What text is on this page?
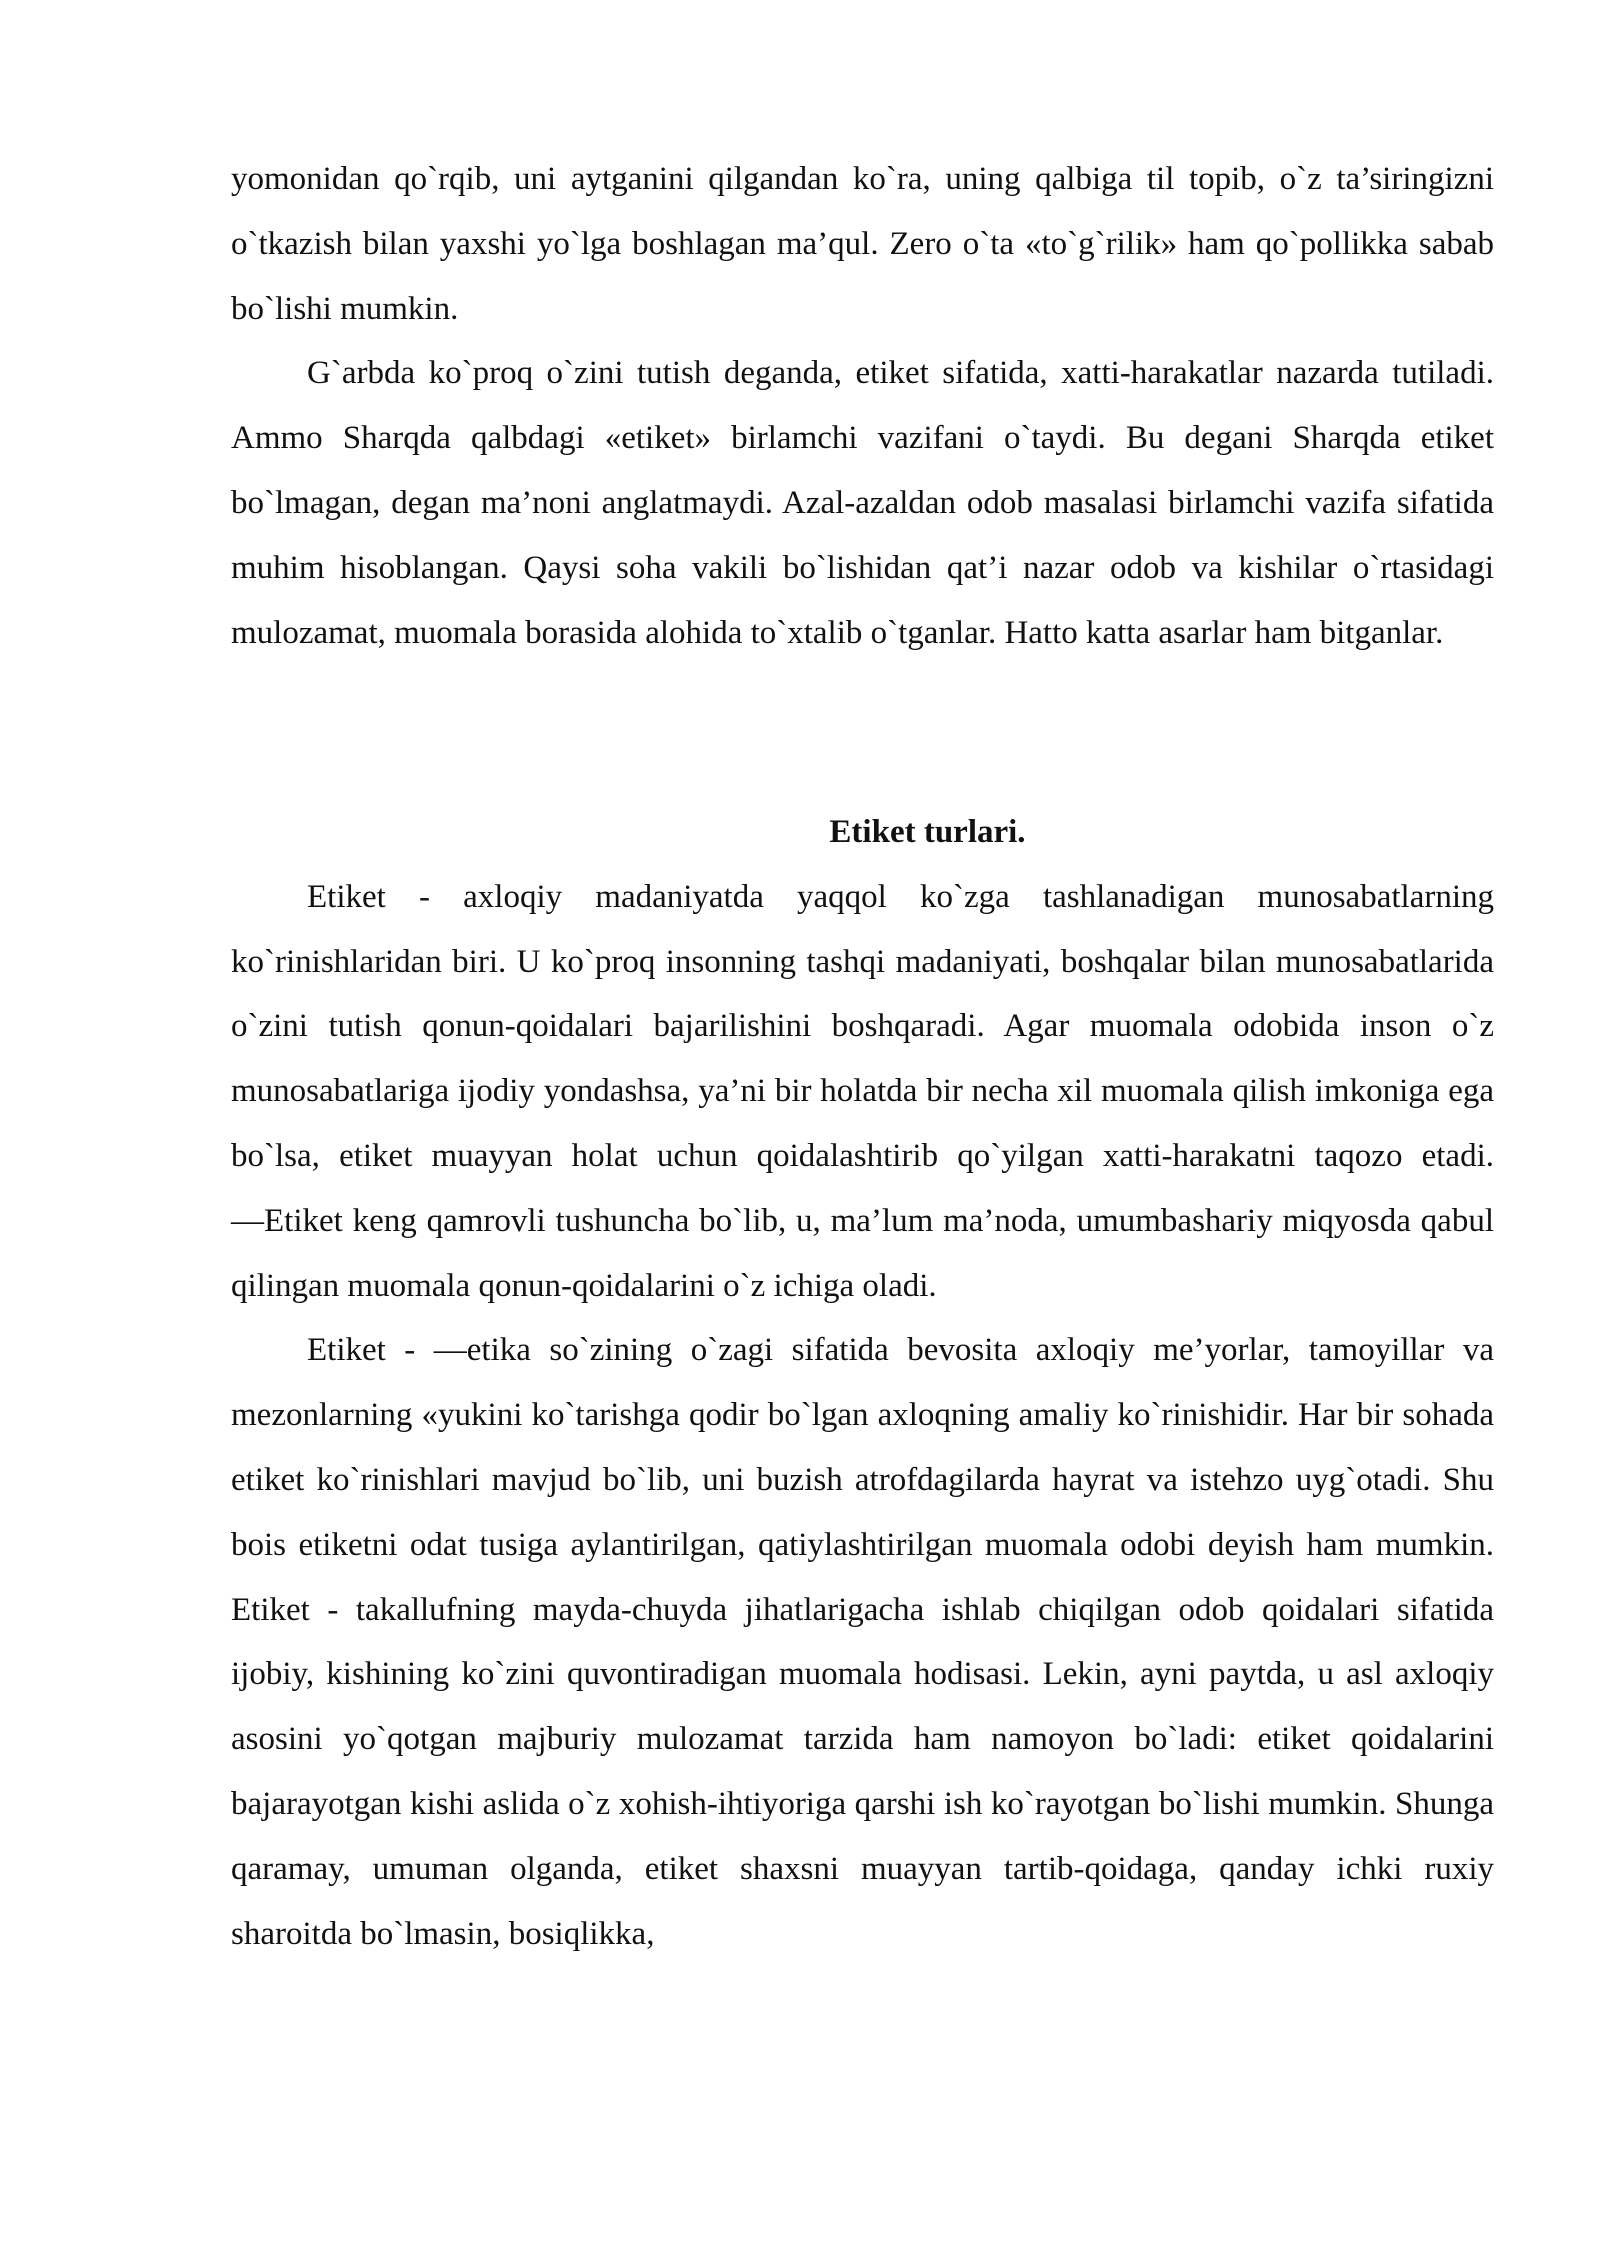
yomonidan qo`rqib, uni aytganini qilgandan ko`ra, uning qalbiga til topib, o`z ta’siringizni o`tkazish bilan yaxshi yo`lga boshlagan ma’qul. Zero o`ta «to`g`rilik» ham qo`pollikka sabab bo`lishi mumkin.

G`arbda ko`proq o`zini tutish deganda, etiket sifatida, xatti-harakatlar nazarda tutiladi. Ammo Sharqda qalbdagi «etiket» birlamchi vazifani o`taydi. Bu degani Sharqda etiket bo`lmagan, degan ma’noni anglatmaydi. Azal-azaldan odob masalasi birlamchi vazifa sifatida muhim hisoblangan. Qaysi soha vakili bo`lishidan qat’i nazar odob va kishilar o`rtasidagi mulozamat, muomala borasida alohida to`xtalib o`tganlar. Hatto katta asarlar ham bitganlar.

Etiket turlari.

Etiket - axloqiy madaniyatda yaqqol ko`zga tashlanadigan munosabatlarning ko`rinishlaridan biri. U ko`proq insonning tashqi madaniyati, boshqalar bilan munosabatlarida o`zini tutish qonun-qoidalari bajarilishini boshqaradi. Agar muomala odobida inson o`z munosabatlariga ijodiy yondashsa, ya’ni bir holatda bir necha xil muomala qilish imkoniga ega bo`lsa, etiket muayyan holat uchun qoidalashtirib qo`yilgan xatti-harakatni taqozo etadi. ―Etiket keng qamrovli tushuncha bo`lib, u, ma’lum ma’noda, umumbashariy miqyosda qabul qilingan muomala qonun-qoidalarini o`z ichiga oladi.

Etiket - ―etika so`zining o`zagi sifatida bevosita axloqiy me’yorlar, tamoyillar va mezonlarning «yukini ko`tarishga qodir bo`lgan axloqning amaliy ko`rinishidir. Har bir sohada etiket ko`rinishlari mavjud bo`lib, uni buzish atrofdagilarda hayrat va istehzo uyg`otadi. Shu bois etiketni odat tusiga aylantirilgan, qatiylashtirilgan muomala odobi deyish ham mumkin. Etiket - takallufning mayda-chuyda jihatlarigacha ishlab chiqilgan odob qoidalari sifatida ijobiy, kishining ko`zini quvontiradigan muomala hodisasi. Lekin, ayni paytda, u asl axloqiy asosini yo`qotgan majburiy mulozamat tarzida ham namoyon bo`ladi: etiket qoidalarini bajarayotgan kishi aslida o`z xohish-ihtiyoriga qarshi ish ko`rayotgan bo`lishi mumkin. Shunga qaramay, umuman olganda, etiket shaxsni muayyan tartib-qoidaga, qanday ichki ruxiy sharoitda bo`lmasin, bosiqlikka,
